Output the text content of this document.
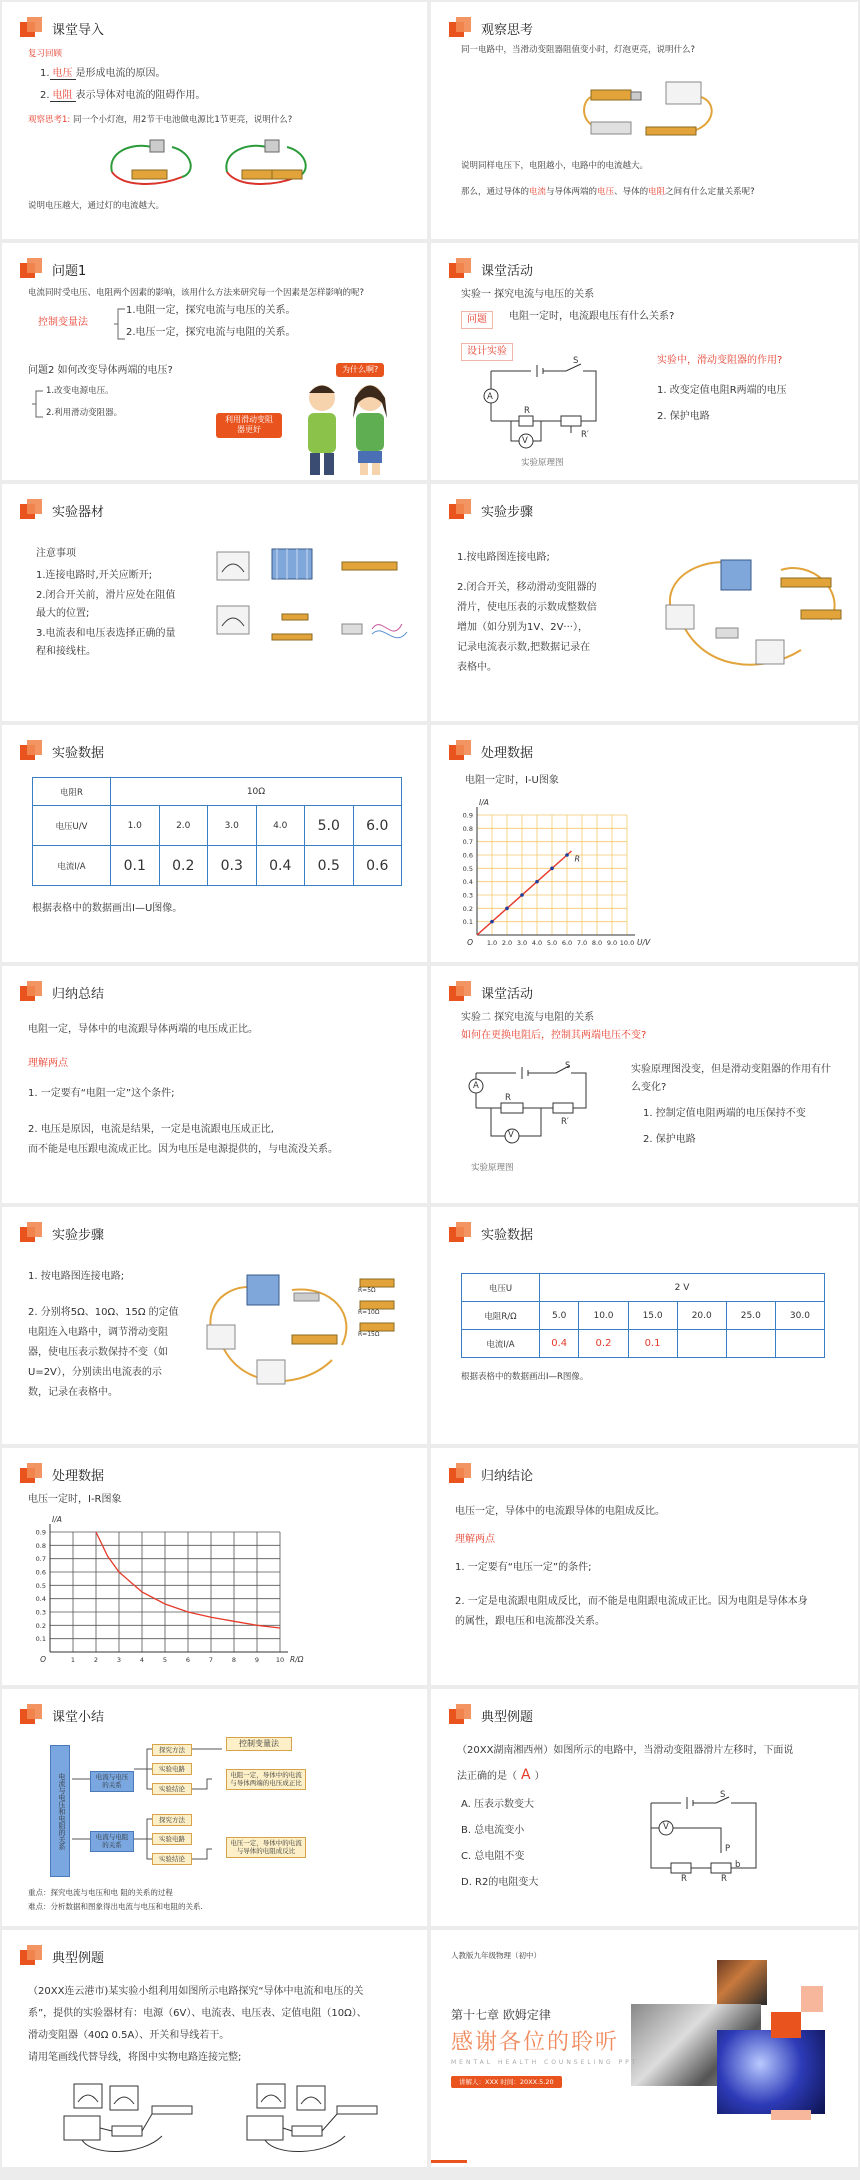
课堂导入
复习回顾
1. 电压 是形成电流的原因。
2. 电阻 表示导体对电流的阻碍作用。
观察思考1: 同一个小灯泡，用2节干电池做电源比1节更亮，说明什么?
说明电压越大，通过灯的电流越大。
观察思考
同一电路中，当滑动变阻器阻值变小时，灯泡更亮，说明什么?
说明同样电压下，电阻越小，电路中的电流越大。
那么，通过导体的电流与导体两端的电压、导体的电阻之间有什么定量关系呢?
问题1
电流同时受电压、电阻两个因素的影响，该用什么方法来研究每一个因素是怎样影响的呢?
控制变量法
1.电阻一定，探究电流与电压的关系。
2.电压一定，探究电流与电阻的关系。
问题2 如何改变导体两端的电压?
1.改变电源电压。
2.利用滑动变阻器。
为什么啊?
利用滑动变阻器更好
课堂活动
实验一 探究电流与电压的关系
问题	电阻一定时，电流跟电压有什么关系?
设计实验
A
V
S
R
R′
实验原理图
实验中，滑动变阻器的作用?
1. 改变定值电阻R两端的电压
2. 保护电路
实验器材
注意事项
1.连接电路时,开关应断开;
2.闭合开关前，滑片应处在阻值
最大的位置;
3.电流表和电压表选择正确的量
程和接线柱。
实验步骤
1.按电路图连接电路;
2.闭合开关，移动滑动变阻器的
滑片，使电压表的示数成整数倍
增加（如分别为1V、2V···），
记录电流表示数,把数据记录在
表格中。
实验数据
电阻R	10Ω					
电压U/V	1.0	2.0	3.0	4.0	5.0	6.0
电流I/A	0.1	0.2	0.3	0.4	0.5	0.6
根据表格中的数据画出I—U图像。
处理数据
电阻一定时，I-U图象
1.0 2.0 3.0 4.0 5.0 6.0 7.0 8.0 9.0 10.0
0.1
0.2
0.3
0.4
0.5
0.6
0.7
0.8
0.9
O
I/A
U/V
R
归纳总结
电阻一定，导体中的电流跟导体两端的电压成正比。
理解两点
1. 一定要有“电阻一定”这个条件;
2. 电压是原因，电流是结果，一定是电流跟电压成正比,
而不能是电压跟电流成正比。因为电压是电源提供的，与电流没关系。
课堂活动
实验二 探究电流与电阻的关系
如何在更换电阻后，控制其两端电压不变?
A
V
S
R
R′
实验原理图
实验原理图没变，但是滑动变阻器的作用有什
么变化?
1. 控制定值电阻两端的电压保持不变
2. 保护电路
实验步骤
1. 按电路图连接电路;
2. 分别将5Ω、10Ω、15Ω 的定值
电阻连入电路中，调节滑动变阻
器，使电压表示数保持不变（如
U=2V），分别读出电流表的示
数，记录在表格中。
R=5Ω
R=10Ω
R=15Ω
实验数据
电压U	2 V					
电阻R/Ω	5.0	10.0	15.0	20.0	25.0	30.0
电流I/A	0.4	0.2	0.1			
根据表格中的数据画出I—R图像。
处理数据
电压一定时，I-R图象
1	2	3	4	5	6	7	8	9	10
0.1
0.2
0.3
0.4
0.5
0.6
0.7
0.8
0.9
O
I/A
R/Ω
归纳结论
电压一定，导体中的电流跟导体的电阻成反比。
理解两点
1. 一定要有“电压一定”的条件;
2. 一定是电流跟电阻成反比，而不能是电阻跟电流成正比。因为电阻是导体本身
的属性，跟电压和电流都没关系。
课堂小结
电流与电压和电阻的关系	电流与电压的关系
电流与电阻的关系
探究方法
实验电路
实验结论
探究方法
实验电路
实验结论
控制变量法
电阻一定，导体中的电流与导体两端的电压成正比
电压一定，导体中的电流与导体的电阻成反比
重点：探究电流与电压和电 阻的关系的过程
难点：分析数据和图象得出电流与电压和电阻的关系.
典型例题
（20XX湖南湘西州）如图所示的电路中，当滑动变阻器滑片左移时，下面说
法正确的是（ A ）
A. 压表示数变大
B. 总电流变小
C. 总电阻不变
D. R2的电阻变大
S
V
P
b
R	R
典型例题
（20XX连云港市)某实验小组利用如图所示电路探究“导体中电流和电压的关
系”，提供的实验器材有：电源（6V）、电流表、电压表、定值电阻（10Ω）、
滑动变阻器（40Ω 0.5A）、开关和导线若干。
请用笔画线代替导线，将图中实物电路连接完整;
人教版九年级物理（初中）
第十七章 欧姆定律
感谢各位的聆听
MENTAL HEALTH COUNSELING PPT
讲解人：XXX 时间：20XX.5.20
